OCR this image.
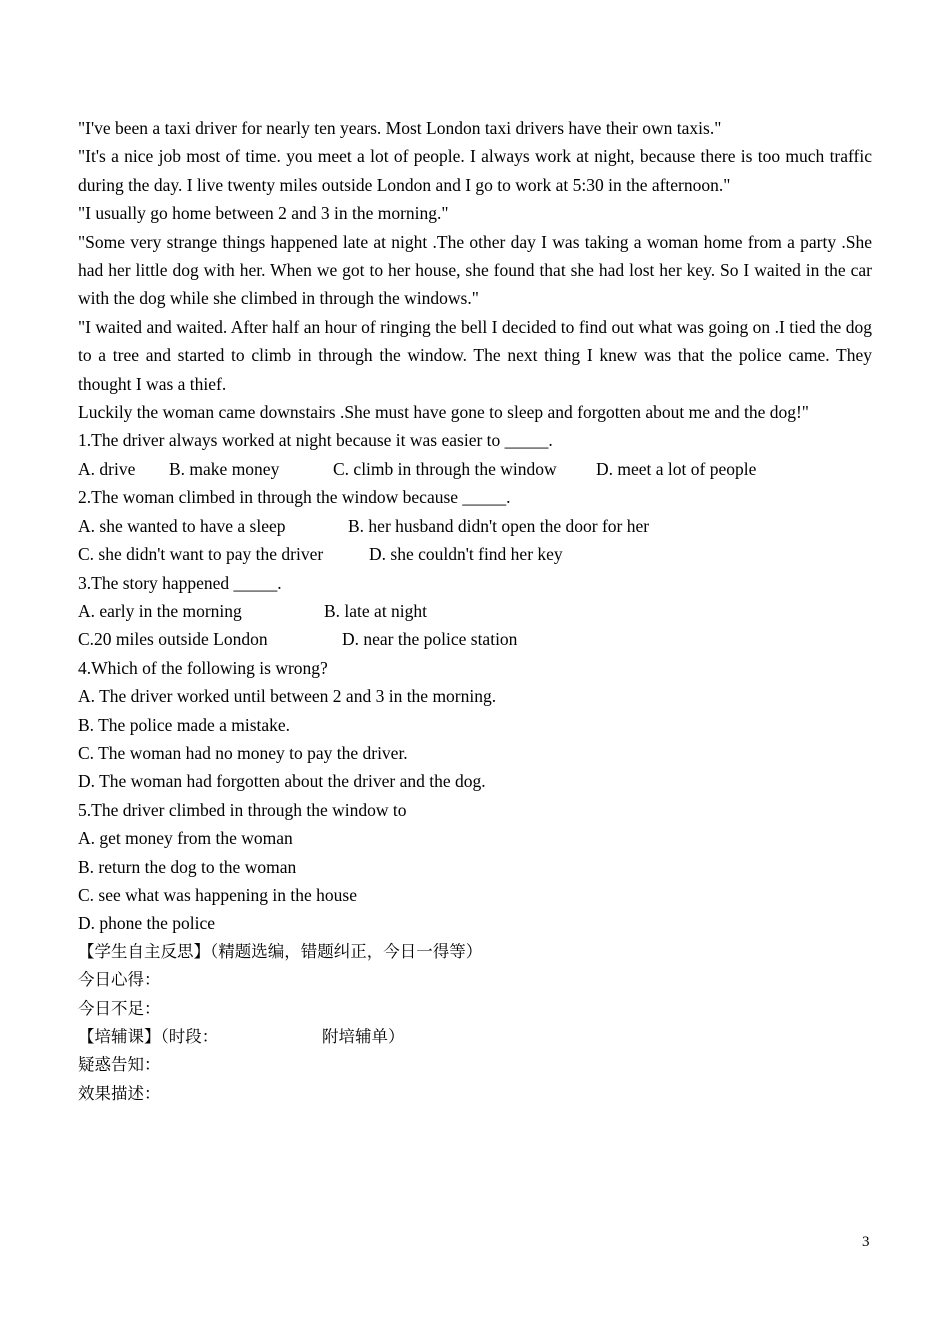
"I've been a taxi driver for nearly ten years. Most London taxi drivers have their own taxis."

"It's a nice job most of time. you meet a lot of people. I always work at night, because there is too much traffic during the day. I live twenty miles outside London and I go to work at 5:30 in the afternoon."

"I usually go home between 2 and 3 in the morning."

"Some very strange things happened late at night .The other day I was taking a woman home from a party .She had her little dog with her. When we got to her house, she found that she had lost her key. So I waited in the car with the dog while she climbed in through the windows."

"I waited and waited. After half an hour of ringing the bell I decided to find out what was going on .I tied the dog to a tree and started to climb in through the window. The next thing I knew was that the police came. They thought I was a thief.

Luckily the woman came downstairs .She must have gone to sleep and forgotten about me and the dog!"

1.The driver always worked at night because it was easier to _____.

A. drive B. make money	C. climb in through the window D. meet a lot of people

2.The woman climbed in through the window because _____.

A. she wanted to have a sleep	B. her husband didn't open the door for her

C. she didn't want to pay the driver	D. she couldn't find her key

3.The story happened _____.

A. early in the morning	B. late at night

C.20 miles outside London	D. near the police station

4.Which of the following is wrong?

A. The driver worked until between 2 and 3 in the morning.

B. The police made a mistake.

C. The woman had no money to pay the driver.

D. The woman had forgotten about the driver and the dog.

5.The driver climbed in through the window to

A. get money from the woman

B. return the dog to the woman

C. see what was happening in the house

D. phone the police

【学生自主反思】（精题选编，错题纠正，今日一得等）

今日心得：

今日不足：

【培辅课】（时段：	附培辅单）

疑惑告知：

效果描述：

3
